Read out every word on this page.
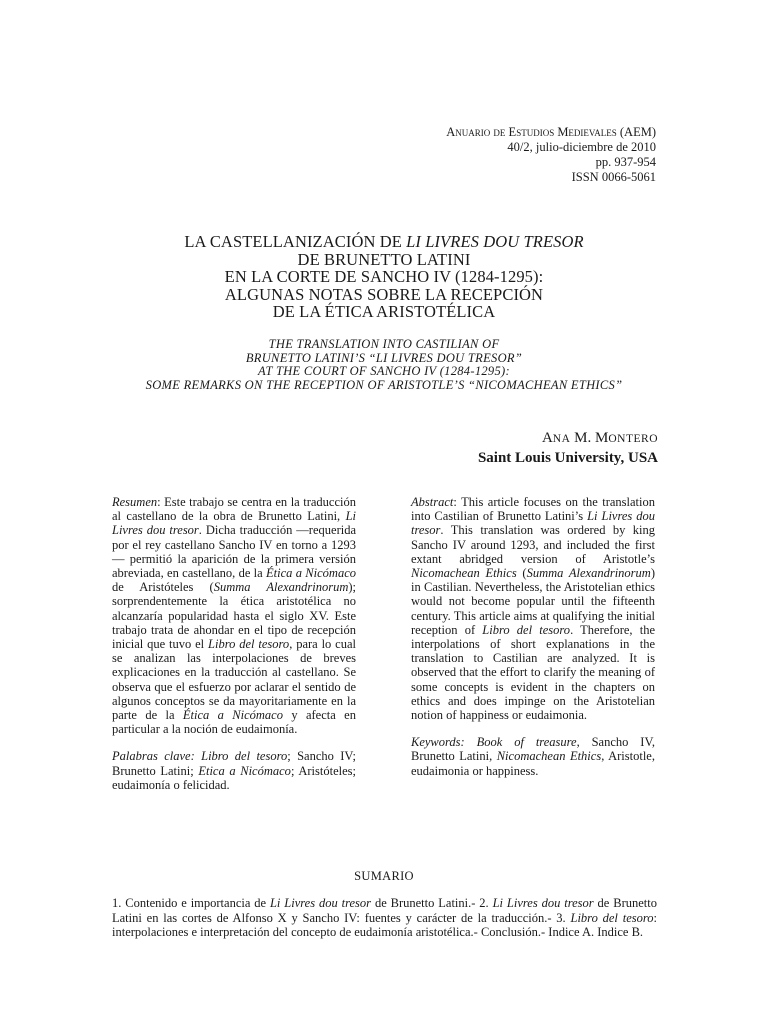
Anuario de Estudios Medievales (AEM)
40/2, julio-diciembre de 2010
pp. 937-954
ISSN 0066-5061
LA CASTELLANIZACIÓN DE LI LIVRES DOU TRESOR
DE BRUNETTO LATINI
EN LA CORTE DE SANCHO IV (1284-1295):
ALGUNAS NOTAS SOBRE LA RECEPCIÓN
DE LA ÉTICA ARISTOTÉLICA
THE TRANSLATION INTO CASTILIAN OF
BRUNETTO LATINI’S “LI LIVRES DOU TRESOR”
AT THE COURT OF SANCHO IV (1284-1295):
SOME REMARKS ON THE RECEPTION OF ARISTOTLE’S “NICOMACHEAN ETHICS”
ANA M. MONTERO
Saint Louis University, USA

Resumen: Este trabajo se centra en la traducción al castellano de la obra de Brunetto Latini, Li Livres dou tresor. Dicha traducción —requerida por el rey castellano Sancho IV en torno a 1293— permitió la aparición de la primera versión abreviada, en castellano, de la Ética a Nicómaco de Aristóteles (Summa Alexandrinorum); sorprendentemente la ética aristotélica no alcanzaría popularidad hasta el siglo XV. Este trabajo trata de ahondar en el tipo de recepción inicial que tuvo el Libro del tesoro, para lo cual se analizan las interpolaciones de breves explicaciones en la traducción al castellano. Se observa que el esfuerzo por aclarar el sentido de algunos conceptos se da mayoritariamente en la parte de la Ética a Nicómaco y afecta en particular a la noción de eudaimonía.

Palabras clave: Libro del tesoro; Sancho IV; Brunetto Latini; Etica a Nicómaco; Aristóteles; eudaimonía o felicidad.

Abstract: This article focuses on the translation into Castilian of Brunetto Latini’s Li Livres dou tresor. This translation was ordered by king Sancho IV around 1293, and included the first extant abridged version of Aristotle’s Nicomachean Ethics (Summa Alexandrinorum) in Castilian. Nevertheless, the Aristotelian ethics would not become popular until the fifteenth century. This article aims at qualifying the initial reception of Libro del tesoro. Therefore, the interpolations of short explanations in the translation to Castilian are analyzed. It is observed that the effort to clarify the meaning of some concepts is evident in the chapters on ethics and does impinge on the Aristotelian notion of happiness or eudaimonia.

Keywords: Book of treasure, Sancho IV, Brunetto Latini, Nicomachean Ethics, Aristotle, eudaimonia or happiness.

SUMARIO
1. Contenido e importancia de Li Livres dou tresor de Brunetto Latini.- 2. Li Livres dou tresor de Brunetto Latini en las cortes de Alfonso X y Sancho IV: fuentes y carácter de la traducción.- 3. Libro del tesoro: interpolaciones e interpretación del concepto de eudaimonía aristotélica.- Conclusión.- Indice A. Indice B.
